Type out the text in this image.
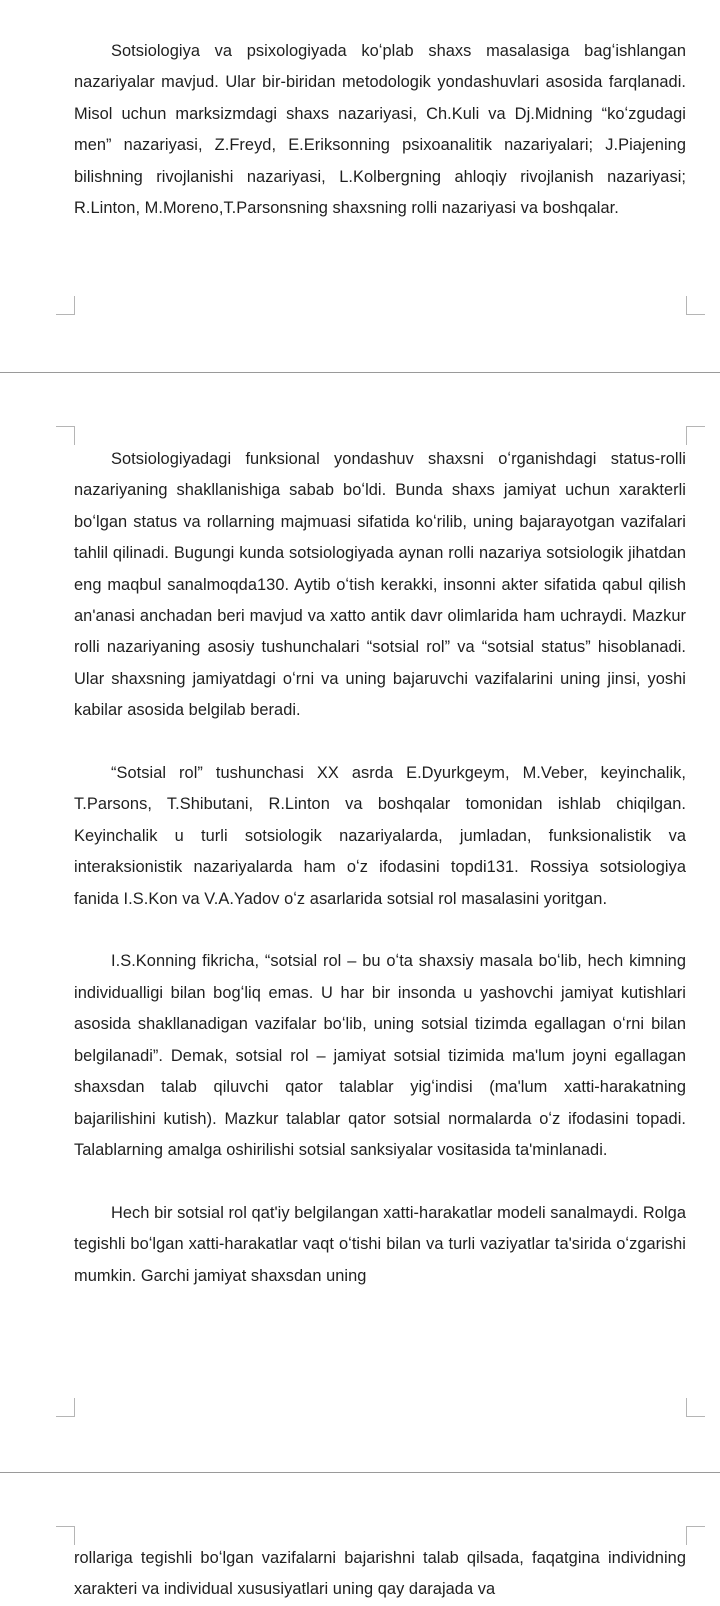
Sotsiologiya va psixologiyada koʻplab shaxs masalasiga bagʻishlangan nazariyalar mavjud. Ular bir-biridan metodologik yondashuvlari asosida farqlanadi. Misol uchun marksizmdagi shaxs nazariyasi, Ch.Kuli va Dj.Midning “koʻzgudagi men” nazariyasi, Z.Freyd, E.Eriksonning psixoanalitik nazariyalari; J.Piajening bilishning rivojlanishi nazariyasi, L.Kolbergning ahloqiy rivojlanish nazariyasi; R.Linton, M.Moreno,T.Parsonsning shaxsning rolli nazariyasi va boshqalar.

Sotsiologiyadagi funksional yondashuv shaxsni oʻrganishdagi status-rolli nazariyaning shakllanishiga sabab boʻldi. Bunda shaxs jamiyat uchun xarakterli boʻlgan status va rollarning majmuasi sifatida koʻrilib, uning bajarayotgan vazifalari tahlil qilinadi. Bugungi kunda sotsiologiyada aynan rolli nazariya sotsiologik jihatdan eng maqbul sanalmoqda130. Aytib oʻtish kerakki, insonni akter sifatida qabul qilish an'anasi anchadan beri mavjud va xatto antik davr olimlarida ham uchraydi. Mazkur rolli nazariyaning asosiy tushunchalari “sotsial rol” va “sotsial status” hisoblanadi. Ular shaxsning jamiyatdagi oʻrni va uning bajaruvchi vazifalarini uning jinsi, yoshi kabilar asosida belgilab beradi.

“Sotsial rol” tushunchasi XX asrda E.Dyurkgeym, M.Veber, keyinchalik, T.Parsons, T.Shibutani, R.Linton va boshqalar tomonidan ishlab chiqilgan. Keyinchalik u turli sotsiologik nazariyalarda, jumladan, funksionalistik va interaksionistik nazariyalarda ham oʻz ifodasini topdi131. Rossiya sotsiologiya fanida I.S.Kon va V.A.Yadov oʻz asarlarida sotsial rol masalasini yoritgan.

I.S.Konning fikricha, “sotsial rol – bu oʻta shaxsiy masala boʻlib, hech kimning individualligi bilan bogʻliq emas. U har bir insonda u yashovchi jamiyat kutishlari asosida shakllanadigan vazifalar boʻlib, uning sotsial tizimda egallagan oʻrni bilan belgilanadi”. Demak, sotsial rol – jamiyat sotsial tizimida ma'lum joyni egallagan shaxsdan talab qiluvchi qator talablar yigʻindisi (ma'lum xatti-harakatning bajarilishini kutish). Mazkur talablar qator sotsial normalarda oʻz ifodasini topadi. Talablarning amalga oshirilishi sotsial sanksiyalar vositasida ta'minlanadi.

Hech bir sotsial rol qat'iy belgilangan xatti-harakatlar modeli sanalmaydi. Rolga tegishli boʻlgan xatti-harakatlar vaqt oʻtishi bilan va turli vaziyatlar ta'sirida oʻzgarishi mumkin. Garchi jamiyat shaxsdan uning

rollariga tegishli boʻlgan vazifalarni bajarishni talab qilsada, faqatgina individning xarakteri va individual xususiyatlari uning qay darajada va
